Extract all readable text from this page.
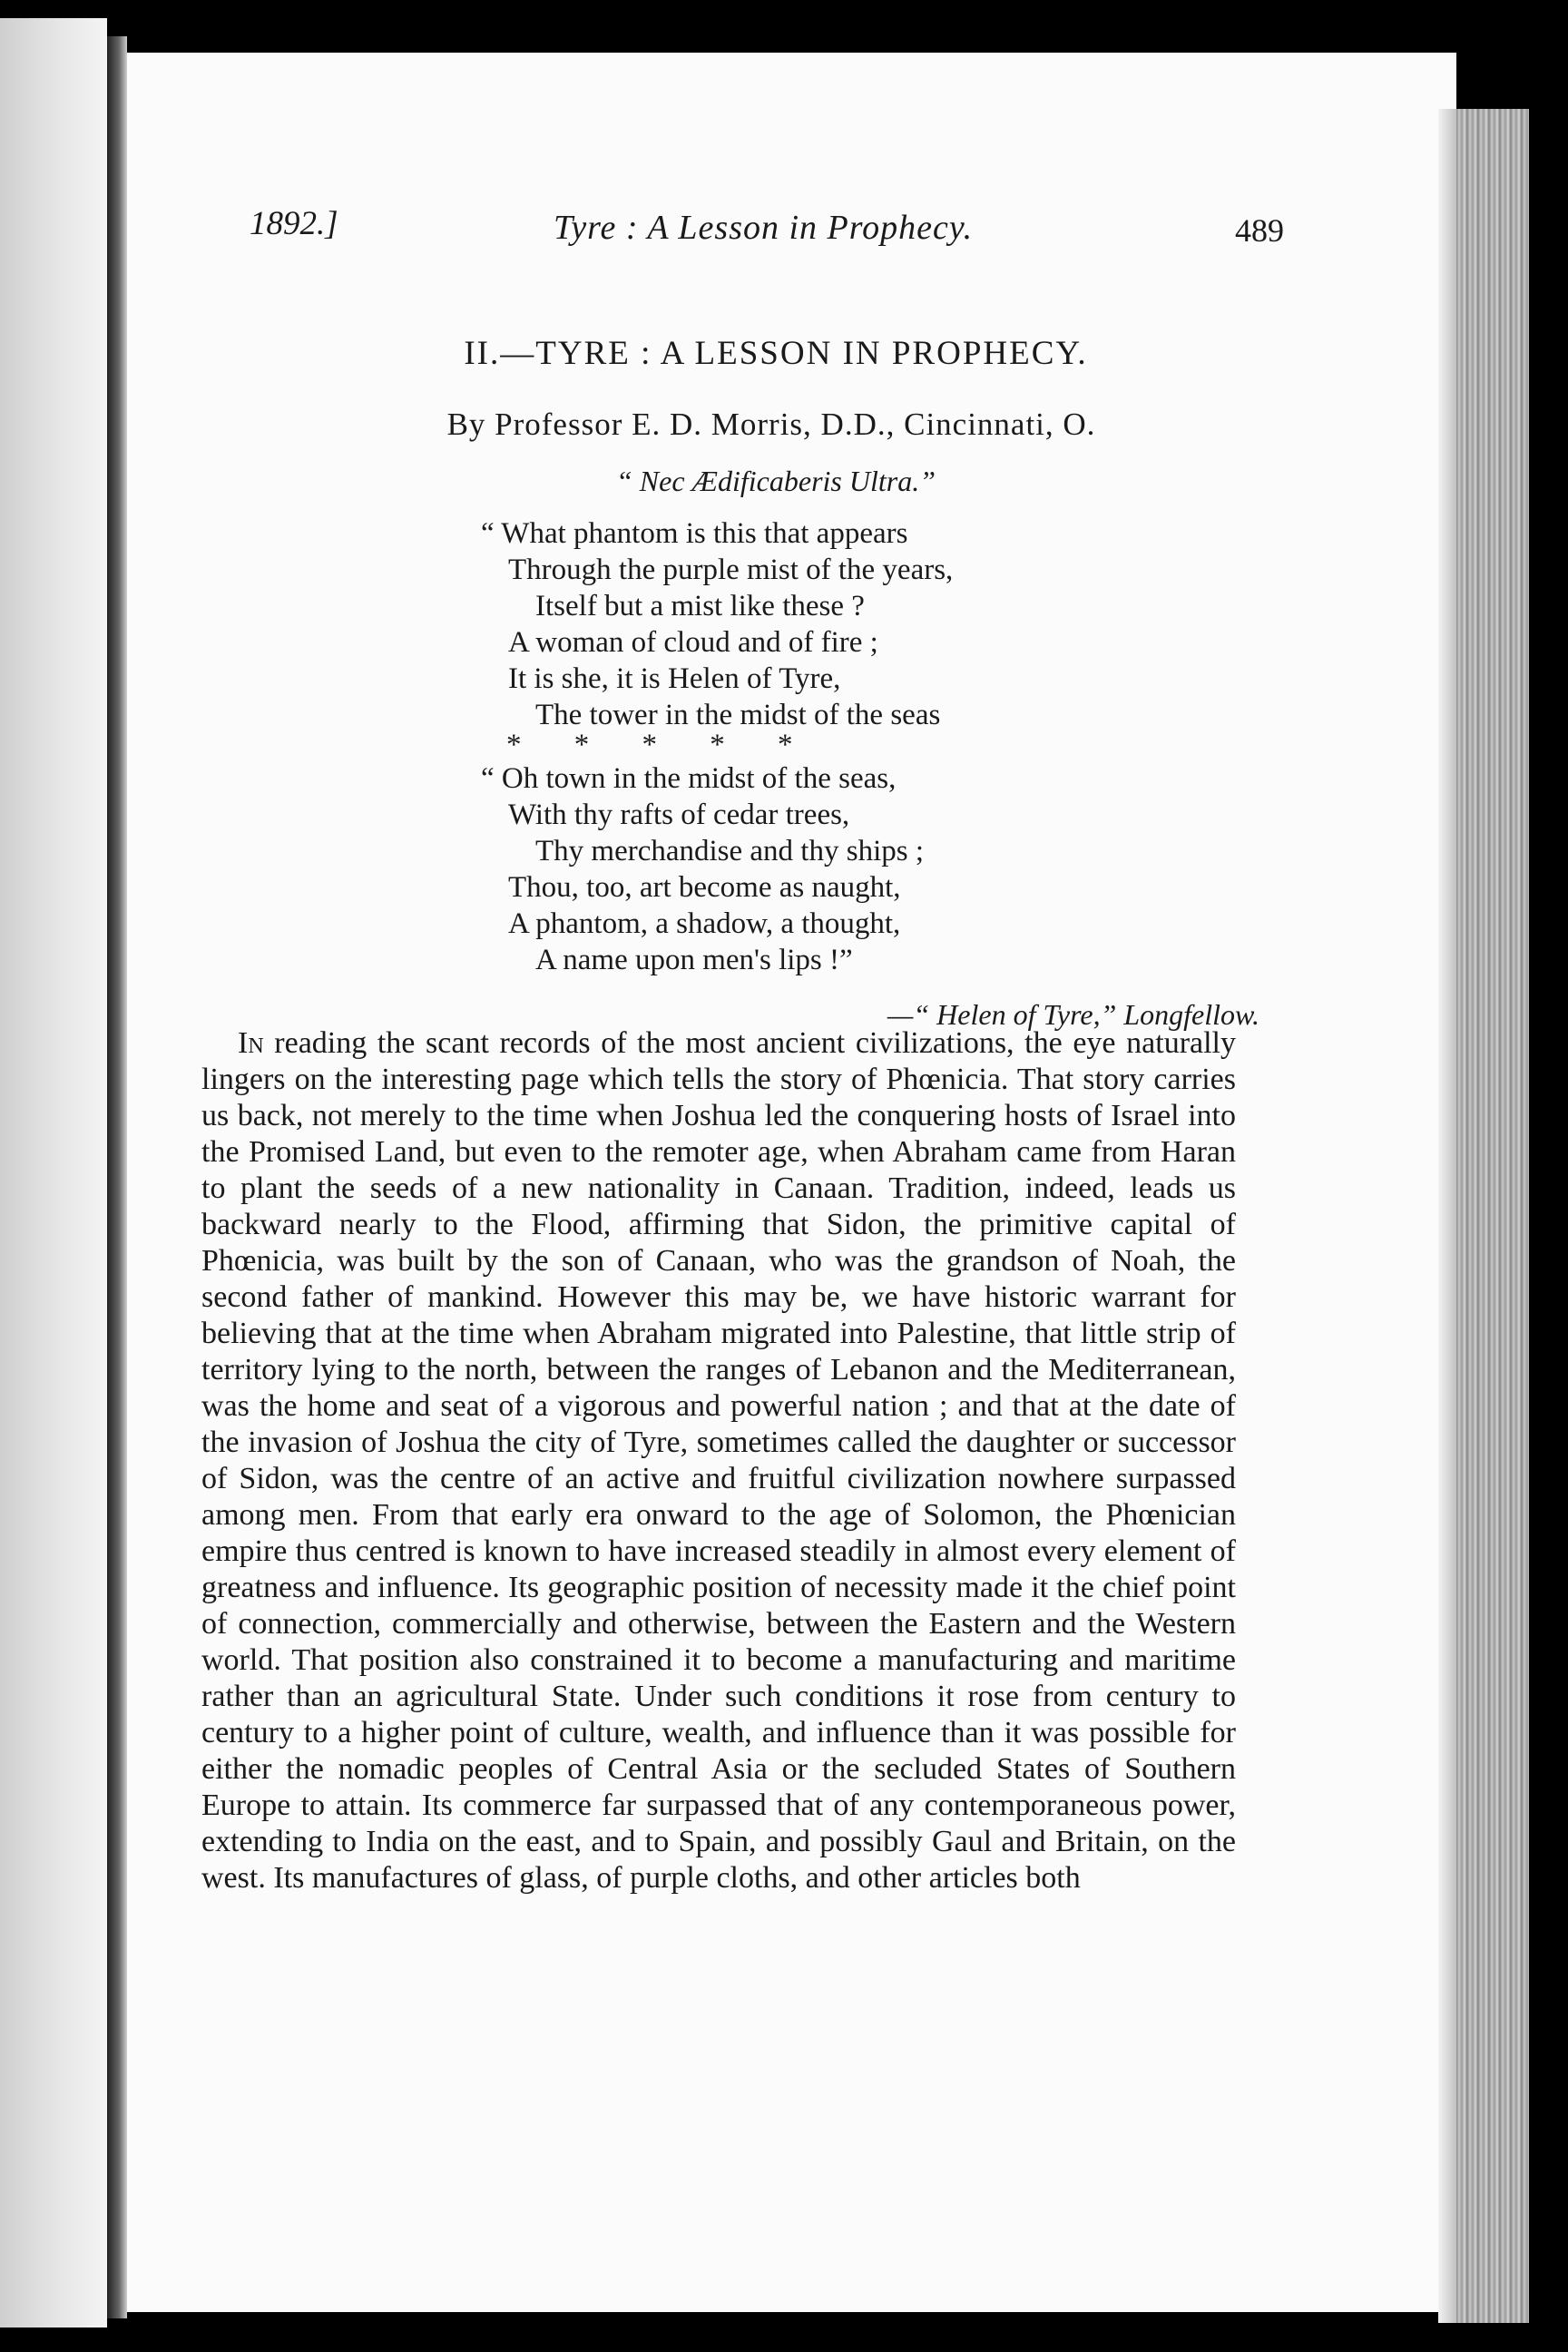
1892.]	Tyre : A Lesson in Prophecy.	489
II.—TYRE : A LESSON IN PROPHECY.
By Professor E. D. Morris, D.D., Cincinnati, O.
“ Nec Ædificaberis Ultra.”
“ What phantom is this that appears
Through the purple mist of the years,
Itself but a mist like these ?
A woman of cloud and of fire ;
It is she, it is Helen of Tyre,
The tower in the midst of the seas
* * * * *
“ Oh town in the midst of the seas,
With thy rafts of cedar trees,
Thy merchandise and thy ships ;
Thou, too, art become as naught,
A phantom, a shadow, a thought,
A name upon men's lips !”
—“ Helen of Tyre,” Longfellow.

In reading the scant records of the most ancient civilizations, the eye naturally lingers on the interesting page which tells the story of Phœnicia. That story carries us back, not merely to the time when Joshua led the conquering hosts of Israel into the Promised Land, but even to the remoter age, when Abraham came from Haran to plant the seeds of a new nationality in Canaan. Tradition, indeed, leads us backward nearly to the Flood, affirming that Sidon, the primitive capital of Phœnicia, was built by the son of Canaan, who was the grandson of Noah, the second father of mankind. However this may be, we have historic warrant for believing that at the time when Abraham migrated into Palestine, that little strip of territory lying to the north, between the ranges of Lebanon and the Mediterranean, was the home and seat of a vigorous and powerful nation ; and that at the date of the invasion of Joshua the city of Tyre, sometimes called the daughter or successor of Sidon, was the centre of an active and fruitful civilization nowhere surpassed among men. From that early era onward to the age of Solomon, the Phœnician empire thus centred is known to have increased steadily in almost every element of greatness and influence. Its geographic position of necessity made it the chief point of connection, commercially and otherwise, between the Eastern and the Western world. That position also constrained it to become a manufacturing and maritime rather than an agricultural State. Under such conditions it rose from century to century to a higher point of culture, wealth, and influence than it was possible for either the nomadic peoples of Central Asia or the secluded States of Southern Europe to attain. Its commerce far surpassed that of any contemporaneous power, extending to India on the east, and to Spain, and possibly Gaul and Britain, on the west. Its manufactures of glass, of purple cloths, and other articles both
